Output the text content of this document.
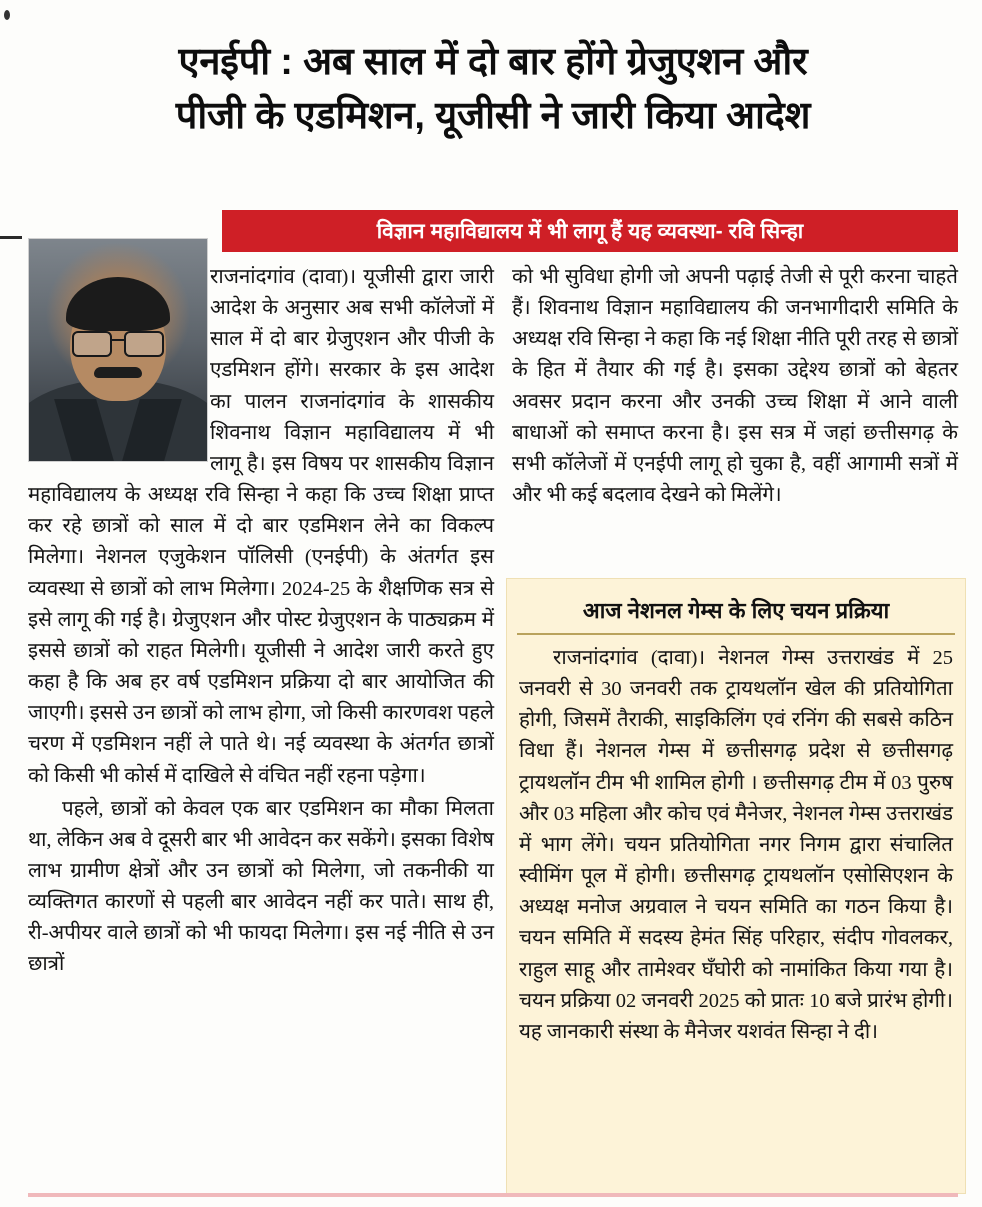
एनईपी : अब साल में दो बार होंगे ग्रेजुएशन और
पीजी के एडमिशन, यूजीसी ने जारी किया आदेश
विज्ञान महाविद्यालय में भी लागू हैं यह व्यवस्था- रवि सिन्हा

राजनांदगांव (दावा)। यूजीसी द्वारा जारी आदेश के अनुसार अब सभी कॉलेजों में साल में दो बार ग्रेजुएशन और पीजी के एडमिशन होंगे। सरकार के इस आदेश का पालन राजनांदगांव के शासकीय शिवनाथ विज्ञान महाविद्यालय में भी लागू है। इस विषय पर शासकीय विज्ञान महाविद्यालय के अध्यक्ष रवि सिन्हा ने कहा कि उच्च शिक्षा प्राप्त कर रहे छात्रों को साल में दो बार एडमिशन लेने का विकल्प मिलेगा। नेशनल एजुकेशन पॉलिसी (एनईपी) के अंतर्गत इस व्यवस्था से छात्रों को लाभ मिलेगा। 2024-25 के शैक्षणिक सत्र से इसे लागू की गई है। ग्रेजुएशन और पोस्ट ग्रेजुएशन के पाठ्यक्रम में इससे छात्रों को राहत मिलेगी। यूजीसी ने आदेश जारी करते हुए कहा है कि अब हर वर्ष एडमिशन प्रक्रिया दो बार आयोजित की जाएगी। इससे उन छात्रों को लाभ होगा, जो किसी कारणवश पहले चरण में एडमिशन नहीं ले पाते थे। नई व्यवस्था के अंतर्गत छात्रों को किसी भी कोर्स में दाखिले से वंचित नहीं रहना पड़ेगा।

पहले, छात्रों को केवल एक बार एडमिशन का मौका मिलता था, लेकिन अब वे दूसरी बार भी आवेदन कर सकेंगे। इसका विशेष लाभ ग्रामीण क्षेत्रों और उन छात्रों को मिलेगा, जो तकनीकी या व्यक्तिगत कारणों से पहली बार आवेदन नहीं कर पाते। साथ ही, री-अपीयर वाले छात्रों को भी फायदा मिलेगा। इस नई नीति से उन छात्रों

को भी सुविधा होगी जो अपनी पढ़ाई तेजी से पूरी करना चाहते हैं। शिवनाथ विज्ञान महाविद्यालय की जनभागीदारी समिति के अध्यक्ष रवि सिन्हा ने कहा कि नई शिक्षा नीति पूरी तरह से छात्रों के हित में तैयार की गई है। इसका उद्देश्य छात्रों को बेहतर अवसर प्रदान करना और उनकी उच्च शिक्षा में आने वाली बाधाओं को समाप्त करना है। इस सत्र में जहां छत्तीसगढ़ के सभी कॉलेजों में एनईपी लागू हो चुका है, वहीं आगामी सत्रों में और भी कई बदलाव देखने को मिलेंगे।

आज नेशनल गेम्स के लिए चयन प्रक्रिया

राजनांदगांव (दावा)। नेशनल गेम्स उत्तराखंड में 25 जनवरी से 30 जनवरी तक ट्रायथलॉन खेल की प्रतियोगिता होगी, जिसमें तैराकी, साइकिलिंग एवं रनिंग की सबसे कठिन विधा हैं। नेशनल गेम्स में छत्तीसगढ़ प्रदेश से छत्तीसगढ़ ट्रायथलॉन टीम भी शामिल होगी । छत्तीसगढ़ टीम में 03 पुरुष और 03 महिला और कोच एवं मैनेजर, नेशनल गेम्स उत्तराखंड में भाग लेंगे। चयन प्रतियोगिता नगर निगम द्वारा संचालित स्वीमिंग पूल में होगी। छत्तीसगढ़ ट्रायथलॉन एसोसिएशन के अध्यक्ष मनोज अग्रवाल ने चयन समिति का गठन किया है। चयन समिति में सदस्य हेमंत सिंह परिहार, संदीप गोवलकर, राहुल साहू और तामेश्वर घँघोरी को नामांकित किया गया है। चयन प्रक्रिया 02 जनवरी 2025 को प्रातः 10 बजे प्रारंभ होगी। यह जानकारी संस्था के मैनेजर यशवंत सिन्हा ने दी।
